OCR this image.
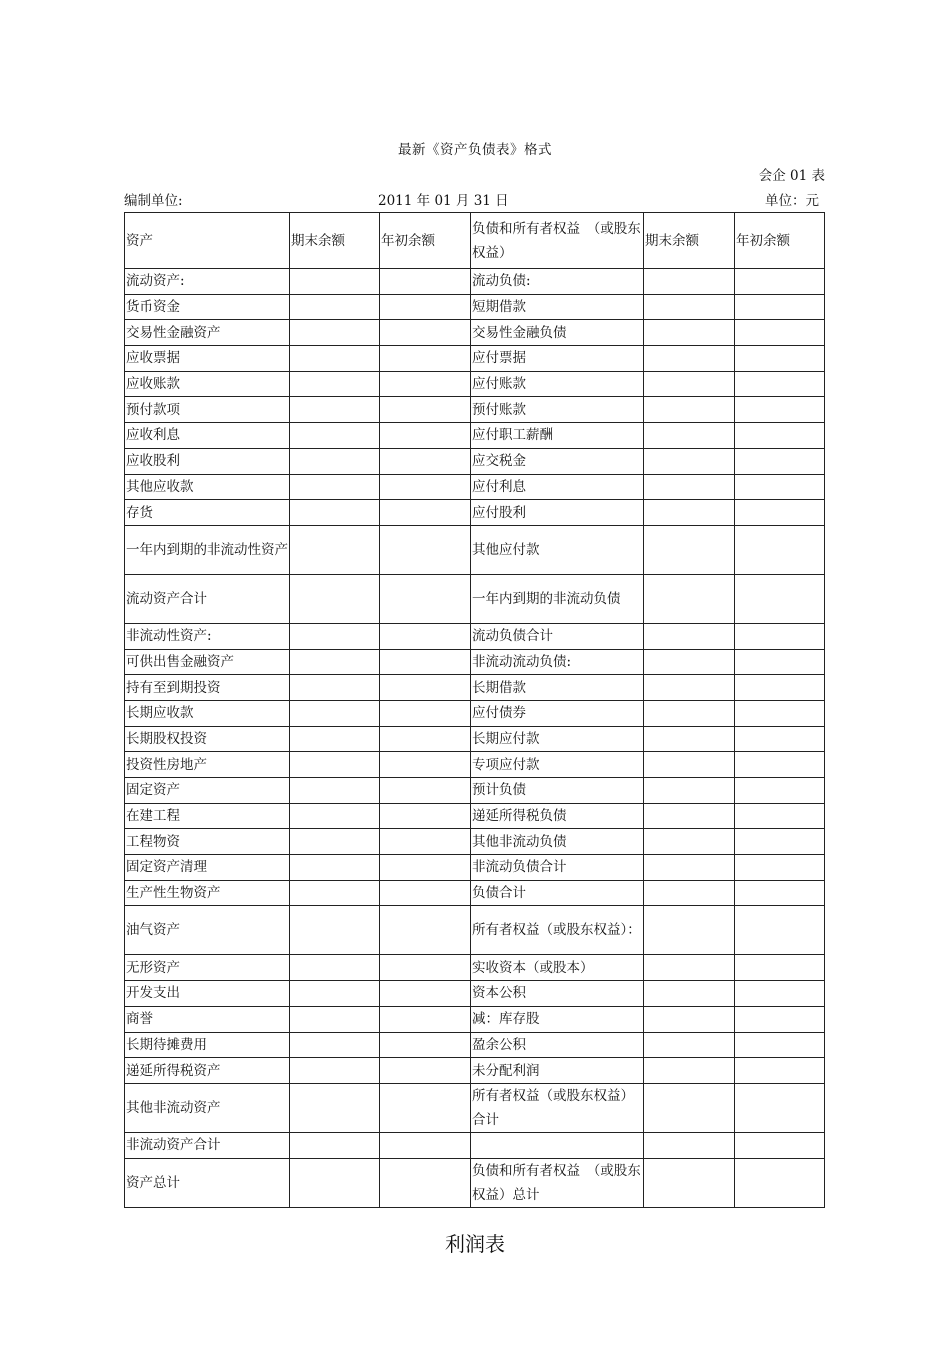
最新《资产负债表》格式
会企 01 表
编制单位:	2011 年 01 月 31 日	单位：元
资产	期末余额	年初余额	负债和所有者权益　（或股东权益）	期末余额	年初余额
流动资产:			流动负债:		
货币资金			短期借款		
交易性金融资产			交易性金融负债		
应收票据			应付票据		
应收账款			应付账款		
预付款项			预付账款		
应收利息			应付职工薪酬		
应收股利			应交税金		
其他应收款			应付利息		
存货			应付股利		
一年内到期的非流动性资产			其他应付款		
流动资产合计			一年内到期的非流动负债		
非流动性资产:			流动负债合计		
可供出售金融资产			非流动流动负债:		
持有至到期投资			长期借款		
长期应收款			应付债券		
长期股权投资			长期应付款		
投资性房地产			专项应付款		
固定资产			预计负债		
在建工程			递延所得税负债		
工程物资			其他非流动负债		
固定资产清理			非流动负债合计		
生产性生物资产			负债合计		
油气资产			所有者权益（或股东权益）：		
无形资产			实收资本（或股本）		
开发支出			资本公积		
商誉			减：库存股		
长期待摊费用			盈余公积		
递延所得税资产			未分配利润		
其他非流动资产			所有者权益（或股东权益）合计		
非流动资产合计					
资产总计			负债和所有者权益　（或股东权益）总计		
利润表
